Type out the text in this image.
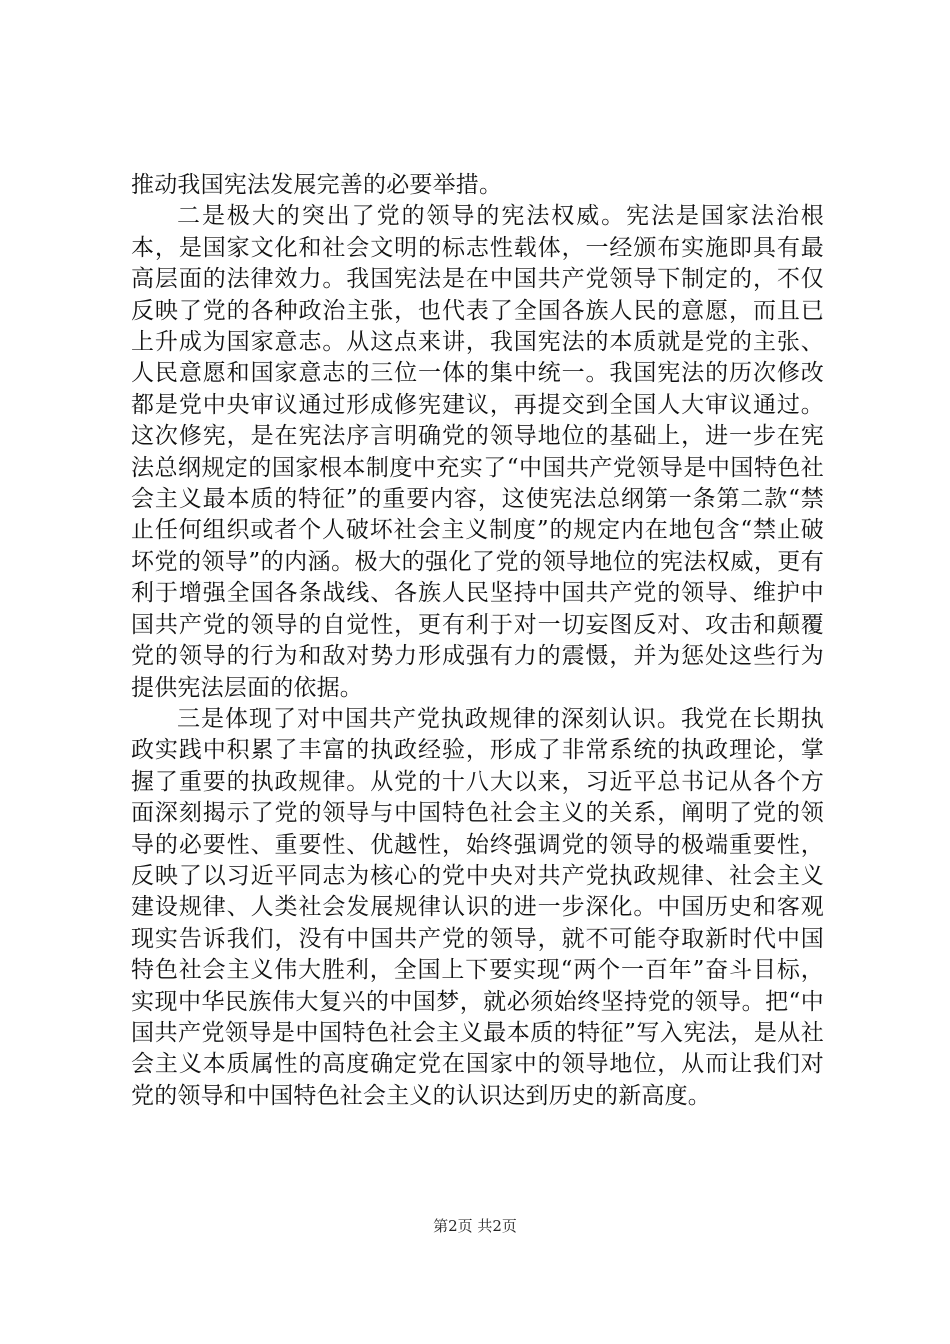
推动我国宪法发展完善的必要举措。

二是极大的突出了党的领导的宪法权威。宪法是国家法治根本，是国家文化和社会文明的标志性载体，一经颁布实施即具有最高层面的法律效力。我国宪法是在中国共产党领导下制定的，不仅反映了党的各种政治主张，也代表了全国各族人民的意愿，而且已上升成为国家意志。从这点来讲，我国宪法的本质就是党的主张、人民意愿和国家意志的三位一体的集中统一。我国宪法的历次修改都是党中央审议通过形成修宪建议，再提交到全国人大审议通过。这次修宪，是在宪法序言明确党的领导地位的基础上，进一步在宪法总纲规定的国家根本制度中充实了“中国共产党领导是中国特色社会主义最本质的特征”的重要内容，这使宪法总纲第一条第二款“禁止任何组织或者个人破坏社会主义制度”的规定内在地包含“禁止破坏党的领导”的内涵。极大的强化了党的领导地位的宪法权威，更有利于增强全国各条战线、各族人民坚持中国共产党的领导、维护中国共产党的领导的自觉性，更有利于对一切妄图反对、攻击和颠覆党的领导的行为和敌对势力形成强有力的震慑，并为惩处这些行为提供宪法层面的依据。

三是体现了对中国共产党执政规律的深刻认识。我党在长期执政实践中积累了丰富的执政经验，形成了非常系统的执政理论，掌握了重要的执政规律。从党的十八大以来，习近平总书记从各个方面深刻揭示了党的领导与中国特色社会主义的关系，阐明了党的领导的必要性、重要性、优越性，始终强调党的领导的极端重要性，反映了以习近平同志为核心的党中央对共产党执政规律、社会主义建设规律、人类社会发展规律认识的进一步深化。中国历史和客观现实告诉我们，没有中国共产党的领导，就不可能夺取新时代中国特色社会主义伟大胜利，全国上下要实现“两个一百年”奋斗目标，实现中华民族伟大复兴的中国梦，就必须始终坚持党的领导。把“中国共产党领导是中国特色社会主义最本质的特征”写入宪法，是从社会主义本质属性的高度确定党在国家中的领导地位，从而让我们对党的领导和中国特色社会主义的认识达到历史的新高度。

第2页 共2页
